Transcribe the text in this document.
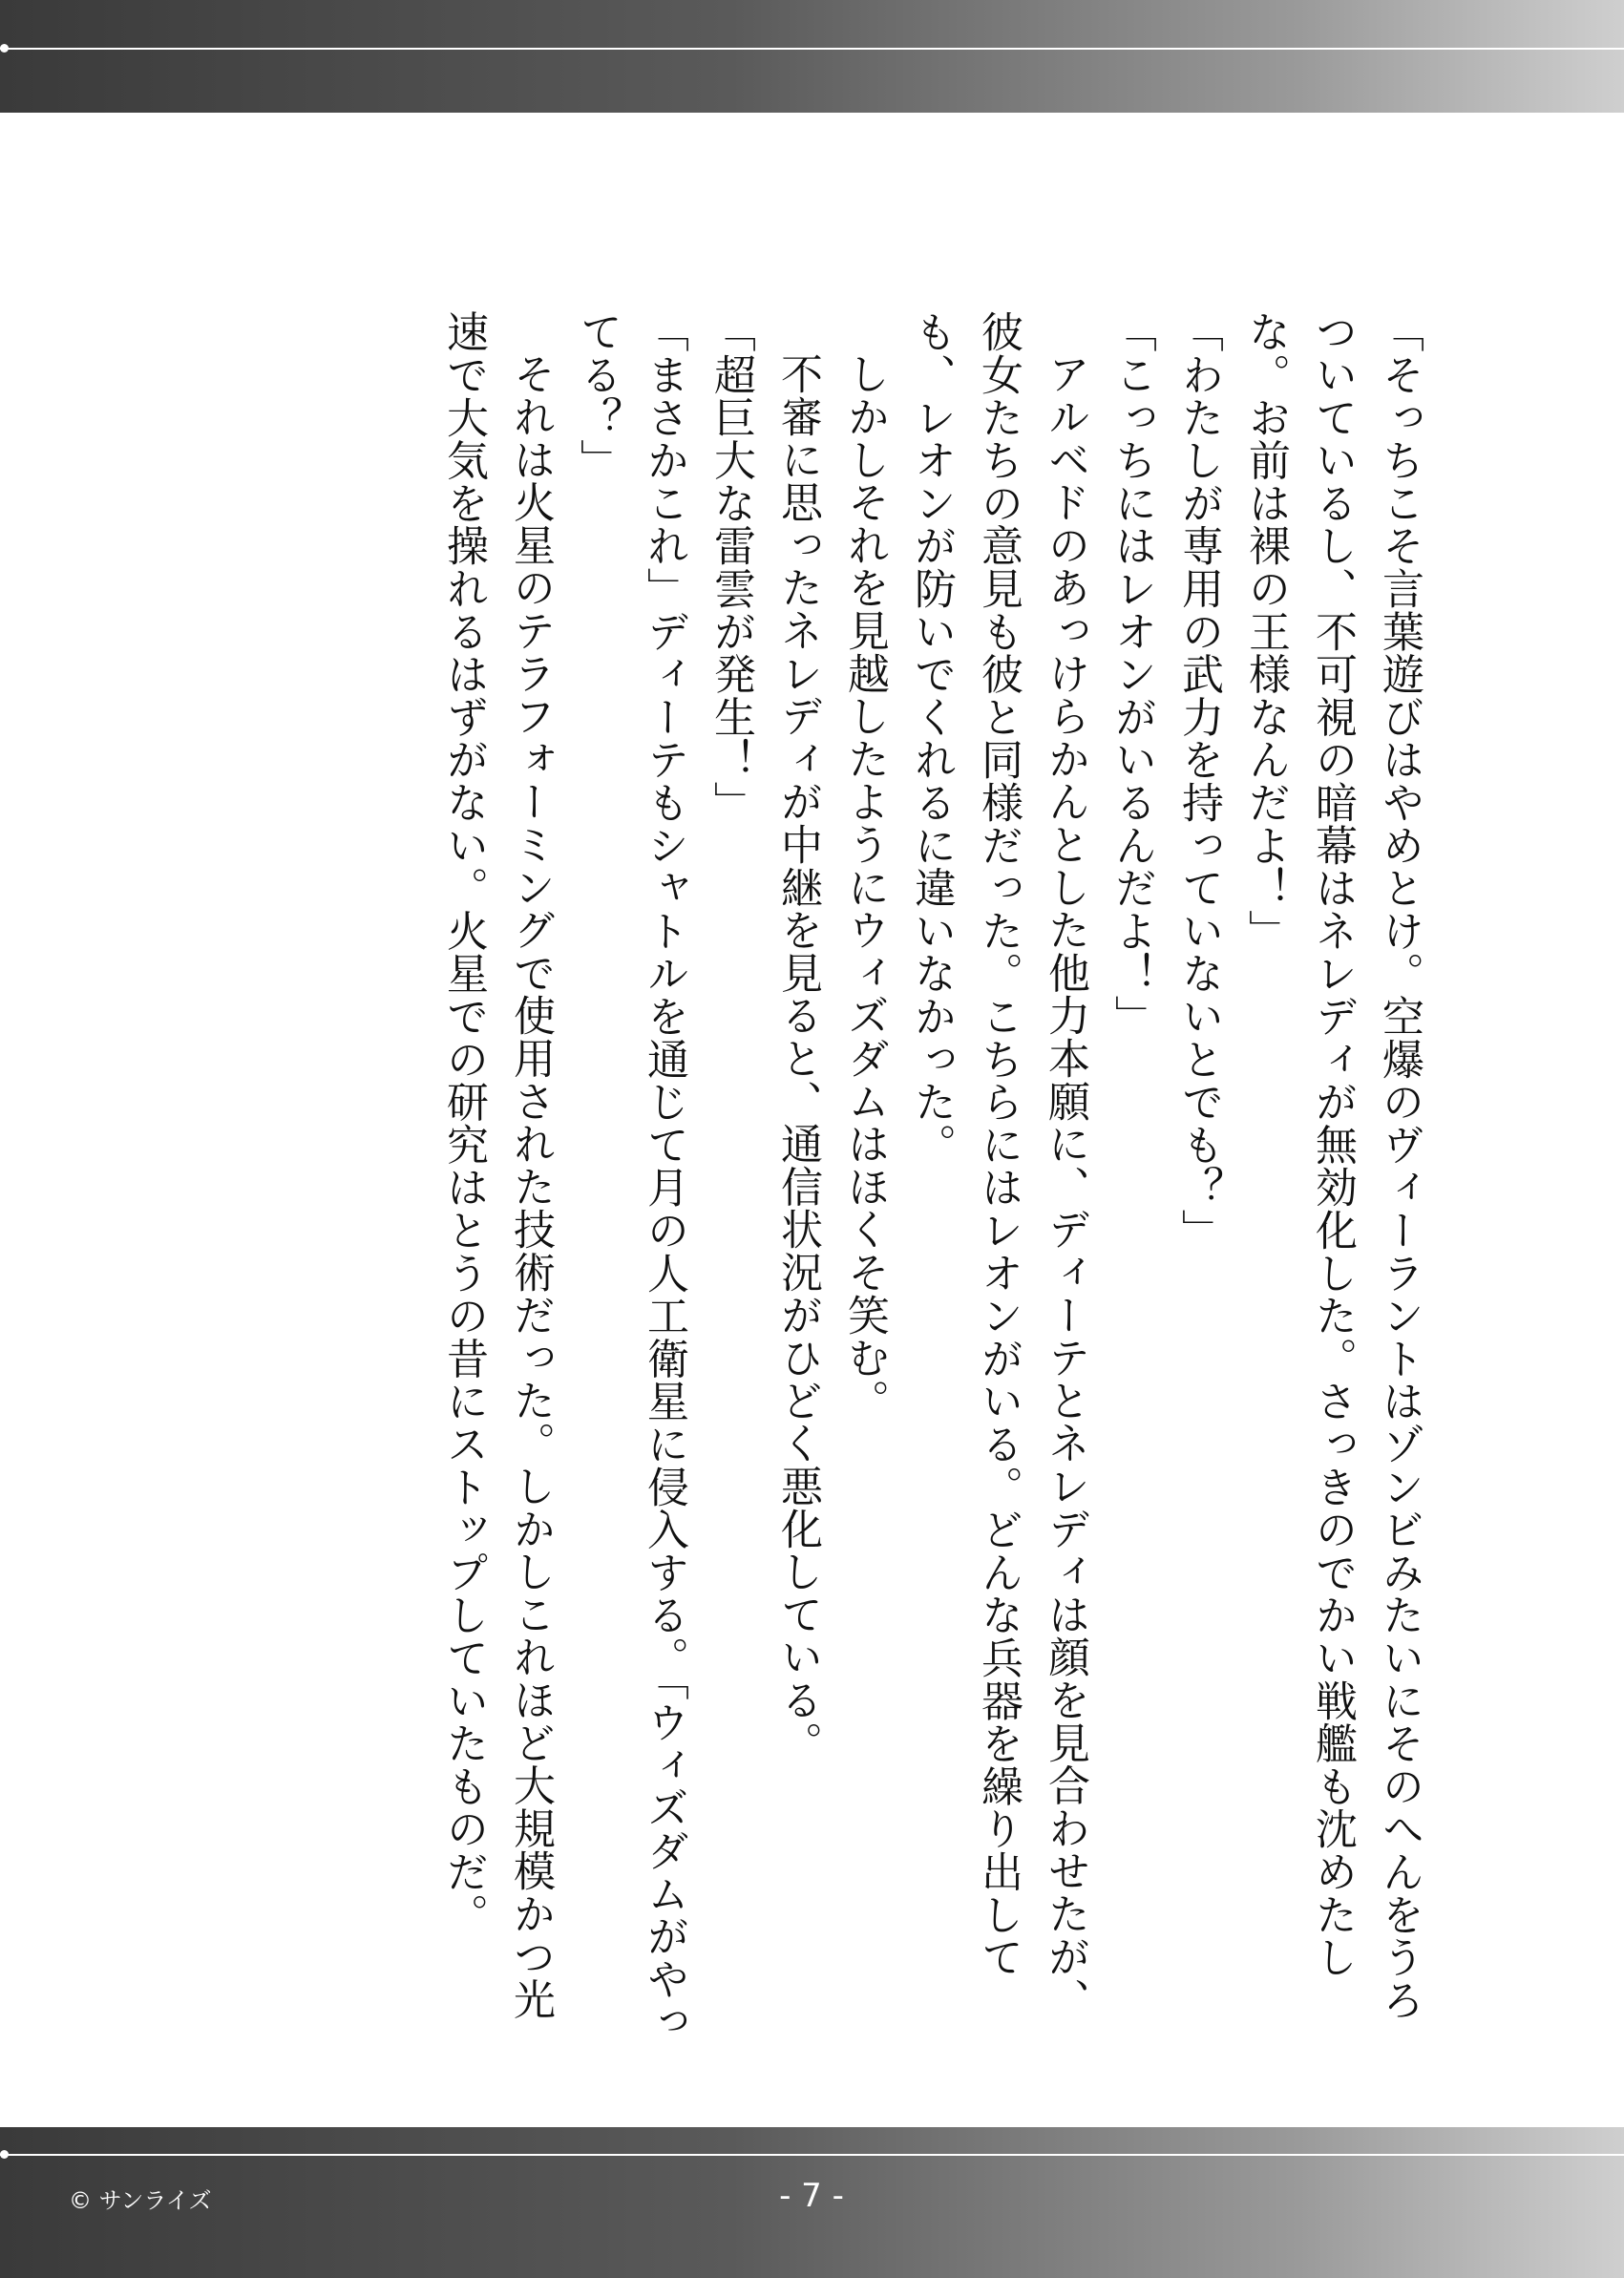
「そっちこそ言葉遊びはやめとけ。空爆のヴィーラントはゾンビみたいにそのへんをうろついているし、不可視の暗幕はネレディが無効化した。さっきのでかい戦艦も沈めたしな。お前は裸の王様なんだよ！」

「わたしが専用の武力を持っていないとでも？」

「こっちにはレオンがいるんだよ！」

アルベドのあっけらかんとした他力本願に、ディーテとネレディは顔を見合わせたが、彼女たちの意見も彼と同様だった。こちらにはレオンがいる。どんな兵器を繰り出しても、レオンが防いでくれるに違いなかった。

しかしそれを見越したようにウィズダムはほくそ笑む。

不審に思ったネレディが中継を見ると、通信状況がひどく悪化している。

「超巨大な雷雲が発生！」

「まさかこれ」ディーテもシャトルを通じて月の人工衛星に侵入する。「ウィズダムがやってる？」

それは火星のテラフォーミングで使用された技術だった。しかしこれほど大規模かつ光速で大気を操れるはずがない。火星での研究はとうの昔にストップしていたものだ。

© サンライズ	- 7 -
